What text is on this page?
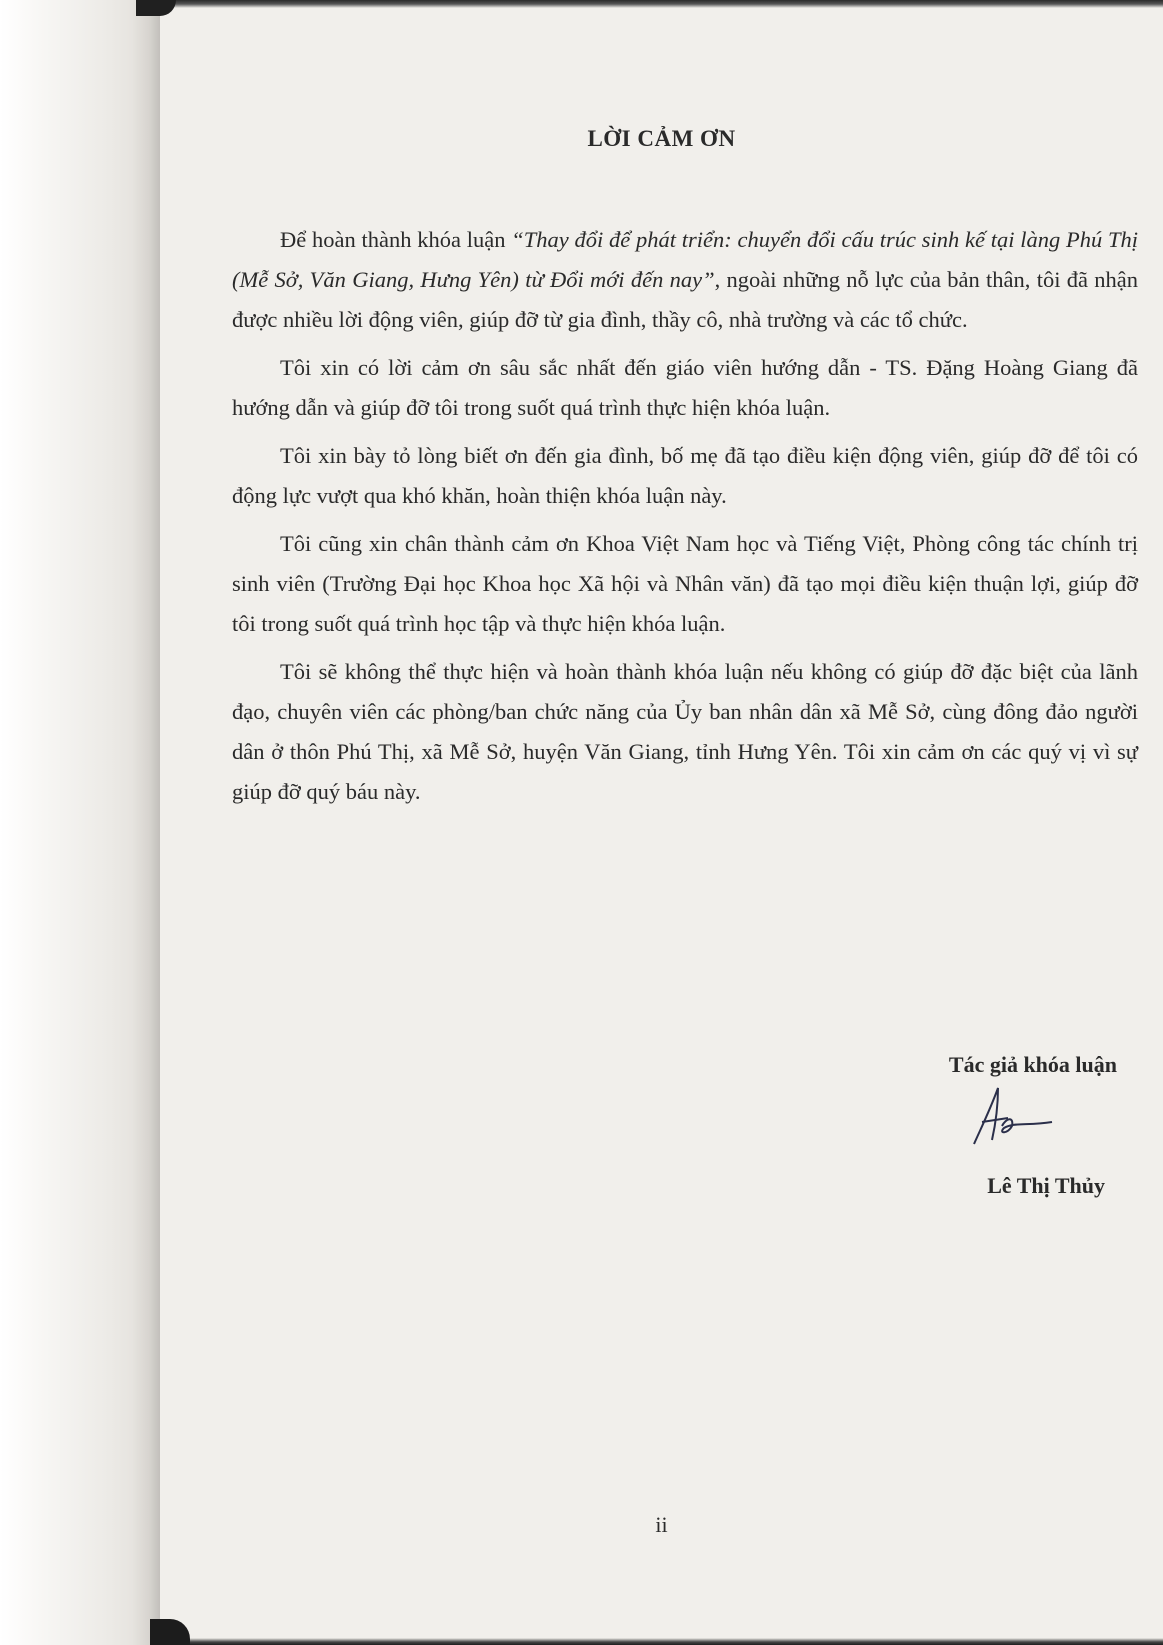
LỜI CẢM ƠN

Để hoàn thành khóa luận “Thay đổi để phát triển: chuyển đổi cấu trúc sinh kế tại làng Phú Thị (Mễ Sở, Văn Giang, Hưng Yên) từ Đổi mới đến nay”, ngoài những nỗ lực của bản thân, tôi đã nhận được nhiều lời động viên, giúp đỡ từ gia đình, thầy cô, nhà trường và các tổ chức.

Tôi xin có lời cảm ơn sâu sắc nhất đến giáo viên hướng dẫn - TS. Đặng Hoàng Giang đã hướng dẫn và giúp đỡ tôi trong suốt quá trình thực hiện khóa luận.

Tôi xin bày tỏ lòng biết ơn đến gia đình, bố mẹ đã tạo điều kiện động viên, giúp đỡ để tôi có động lực vượt qua khó khăn, hoàn thiện khóa luận này.

Tôi cũng xin chân thành cảm ơn Khoa Việt Nam học và Tiếng Việt, Phòng công tác chính trị sinh viên (Trường Đại học Khoa học Xã hội và Nhân văn) đã tạo mọi điều kiện thuận lợi, giúp đỡ tôi trong suốt quá trình học tập và thực hiện khóa luận.

Tôi sẽ không thể thực hiện và hoàn thành khóa luận nếu không có giúp đỡ đặc biệt của lãnh đạo, chuyên viên các phòng/ban chức năng của Ủy ban nhân dân xã Mễ Sở, cùng đông đảo người dân ở thôn Phú Thị, xã Mễ Sở, huyện Văn Giang, tỉnh Hưng Yên. Tôi xin cảm ơn các quý vị vì sự giúp đỡ quý báu này.

Tác giả khóa luận
Lê Thị Thủy
ii
